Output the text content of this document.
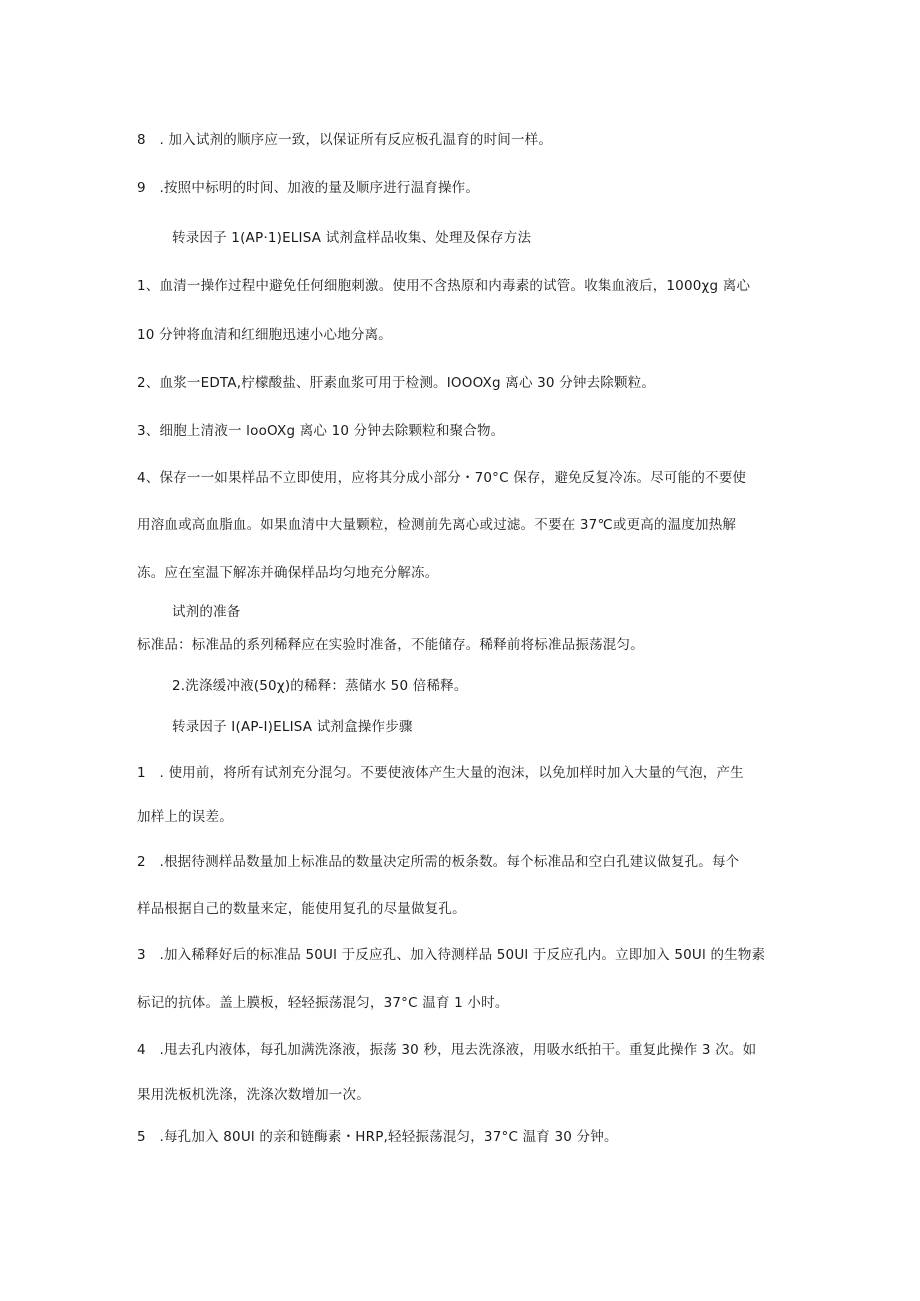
8　. 加入试剂的顺序应一致，以保证所有反应板孔温育的时间一样。
9　.按照中标明的时间、加液的量及顺序进行温育操作。
转录因子 1(AP·1)ELISA 试剂盒样品收集、处理及保存方法
1、血清一操作过程中避免任何细胞刺激。使用不含热原和内毒素的试管。收集血液后，1000χg 离心
10 分钟将血清和红细胞迅速小心地分离。
2、血浆一EDTA,柠檬酸盐、肝素血浆可用于检测。IOOOXg 离心 30 分钟去除颗粒。
3、细胞上清液一 looOXg 离心 10 分钟去除颗粒和聚合物。
4、保存一一如果样品不立即使用，应将其分成小部分・70°C 保存，避免反复冷冻。尽可能的不要使
用溶血或高血脂血。如果血清中大量颗粒，检测前先离心或过滤。不要在 37℃或更高的温度加热解
冻。应在室温下解冻并确保样品均匀地充分解冻。
试剂的准备
标准品：标准品的系列稀释应在实验时准备，不能储存。稀释前将标准品振荡混匀。
2.洗涤缓冲液(50χ)的稀释：蒸储水 50 倍稀释。
转录因子 I(AP-I)ELISA 试剂盒操作步骤
1　. 使用前，将所有试剂充分混匀。不要使液体产生大量的泡沫，以免加样时加入大量的气泡，产生
加样上的误差。
2　.根据待测样品数量加上标准品的数量决定所需的板条数。每个标准品和空白孔建议做复孔。每个
样品根据自己的数量来定，能使用复孔的尽量做复孔。
3　.加入稀释好后的标准品 50Ul 于反应孔、加入待测样品 50Ul 于反应孔内。立即加入 50Ul 的生物素
标记的抗体。盖上膜板，轻轻振荡混匀，37°C 温育 1 小时。
4　.甩去孔内液体，每孔加满洗涤液，振荡 30 秒，甩去洗涤液，用吸水纸拍干。重复此操作 3 次。如
果用洗板机洗涤，洗涤次数增加一次。
5　.每孔加入 80Ul 的亲和链酶素・HRP,轻轻振荡混匀，37°C 温育 30 分钟。
